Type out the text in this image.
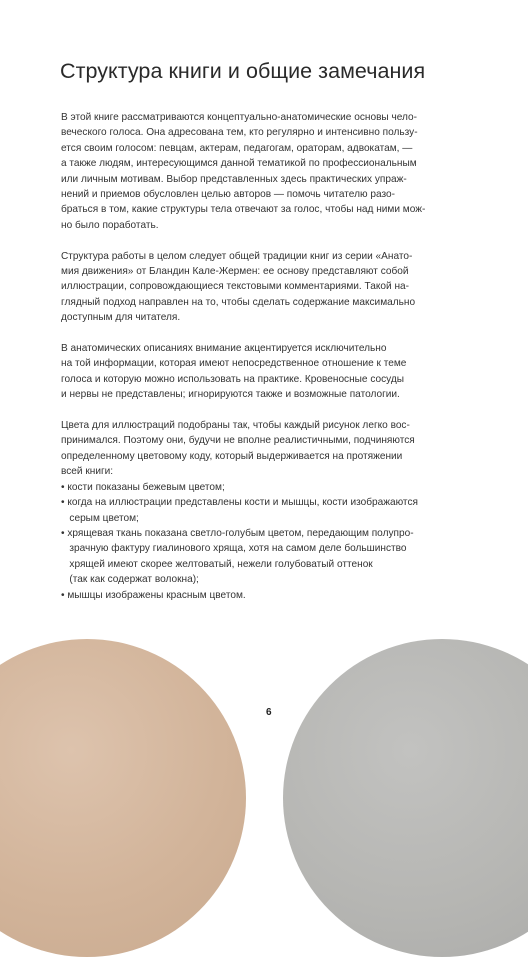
Структура книги и общие замечания

В этой книге рассматриваются концептуально-анатомические основы чело-
веческого голоса. Она адресована тем, кто регулярно и интенсивно пользу-
ется своим голосом: певцам, актерам, педагогам, ораторам, адвокатам, —
а также людям, интересующимся данной тематикой по профессиональным
или личным мотивам. Выбор представленных здесь практических упраж-
нений и приемов обусловлен целью авторов — помочь читателю разо-
браться в том, какие структуры тела отвечают за голос, чтобы над ними мож-
но было поработать.

Структура работы в целом следует общей традиции книг из серии «Анато-
мия движения» от Бландин Кале-Жермен: ее основу представляют собой
иллюстрации, сопровождающиеся текстовыми комментариями. Такой на-
глядный подход направлен на то, чтобы сделать содержание максимально
доступным для читателя.

В анатомических описаниях внимание акцентируется исключительно
на той информации, которая имеют непосредственное отношение к теме
голоса и которую можно использовать на практике. Кровеносные сосуды
и нервы не представлены; игнорируются также и возможные патологии.

Цвета для иллюстраций подобраны так, чтобы каждый рисунок легко вос-
принимался. Поэтому они, будучи не вполне реалистичными, подчиняются
определенному цветовому коду, который выдерживается на протяжении
всей книги:

• кости показаны бежевым цветом;
• когда на иллюстрации представлены кости и мышцы, кости изображаются
серым цветом;
• хрящевая ткань показана светло-голубым цветом, передающим полупро-
зрачную фактуру гиалинового хряща, хотя на самом деле большинство
хрящей имеют скорее желтоватый, нежели голубоватый оттенок
(так как содержат волокна);
• мышцы изображены красным цветом.
6
